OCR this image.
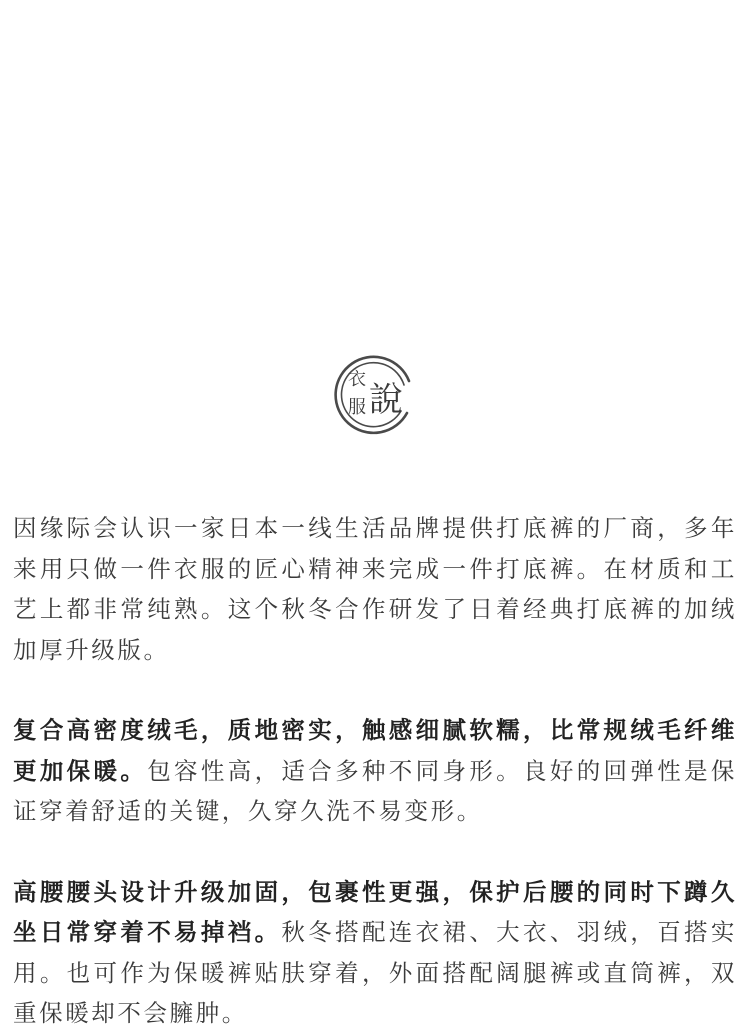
衣
服 說

因缘际会认识一家日本一线生活品牌提供打底裤的厂商，多年来用只做一件衣服的匠心精神来完成一件打底裤。在材质和工艺上都非常纯熟。这个秋冬合作研发了日着经典打底裤的加绒加厚升级版。

复合高密度绒毛，质地密实，触感细腻软糯，比常规绒毛纤维更加保暖。包容性高，适合多种不同身形。良好的回弹性是保证穿着舒适的关键，久穿久洗不易变形。

高腰腰头设计升级加固，包裹性更强，保护后腰的同时下蹲久坐日常穿着不易掉裆。秋冬搭配连衣裙、大衣、羽绒，百搭实用。也可作为保暖裤贴肤穿着，外面搭配阔腿裤或直筒裤，双重保暖却不会臃肿。
